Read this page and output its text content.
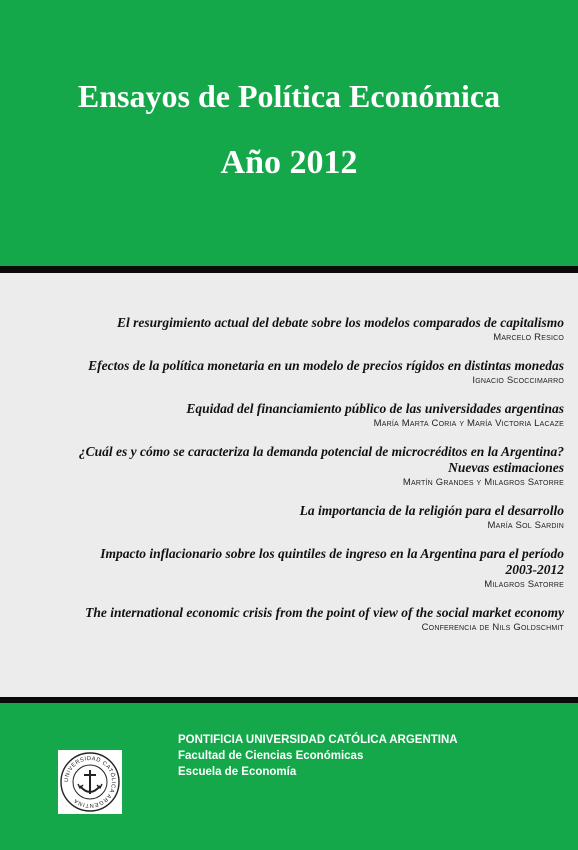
Ensayos de Política Económica
Año 2012
El resurgimiento actual del debate sobre los modelos comparados de capitalismo
Marcelo Resico
Efectos de la política monetaria en un modelo de precios rígidos en distintas monedas
Ignacio Scoccimarro
Equidad del financiamiento público de las universidades argentinas
María Marta Coria y María Victoria Lacaze
¿Cuál es y cómo se caracteriza la demanda potencial de microcréditos en la Argentina?
Nuevas estimaciones
Martín Grandes y Milagros Satorre
La importancia de la religión para el desarrollo
María Sol Sardin
Impacto inflacionario sobre los quintiles de ingreso en la Argentina para el período
2003-2012
Milagros Satorre
The international economic crisis from the point of view of the social market economy
Conferencia de Nils Goldschmit
PONTIFICIA UNIVERSIDAD CATÓLICA ARGENTINA
Facultad de Ciencias Económicas
Escuela de Economía
UNIVERSIDAD CATÓLICA ARGENTINA
